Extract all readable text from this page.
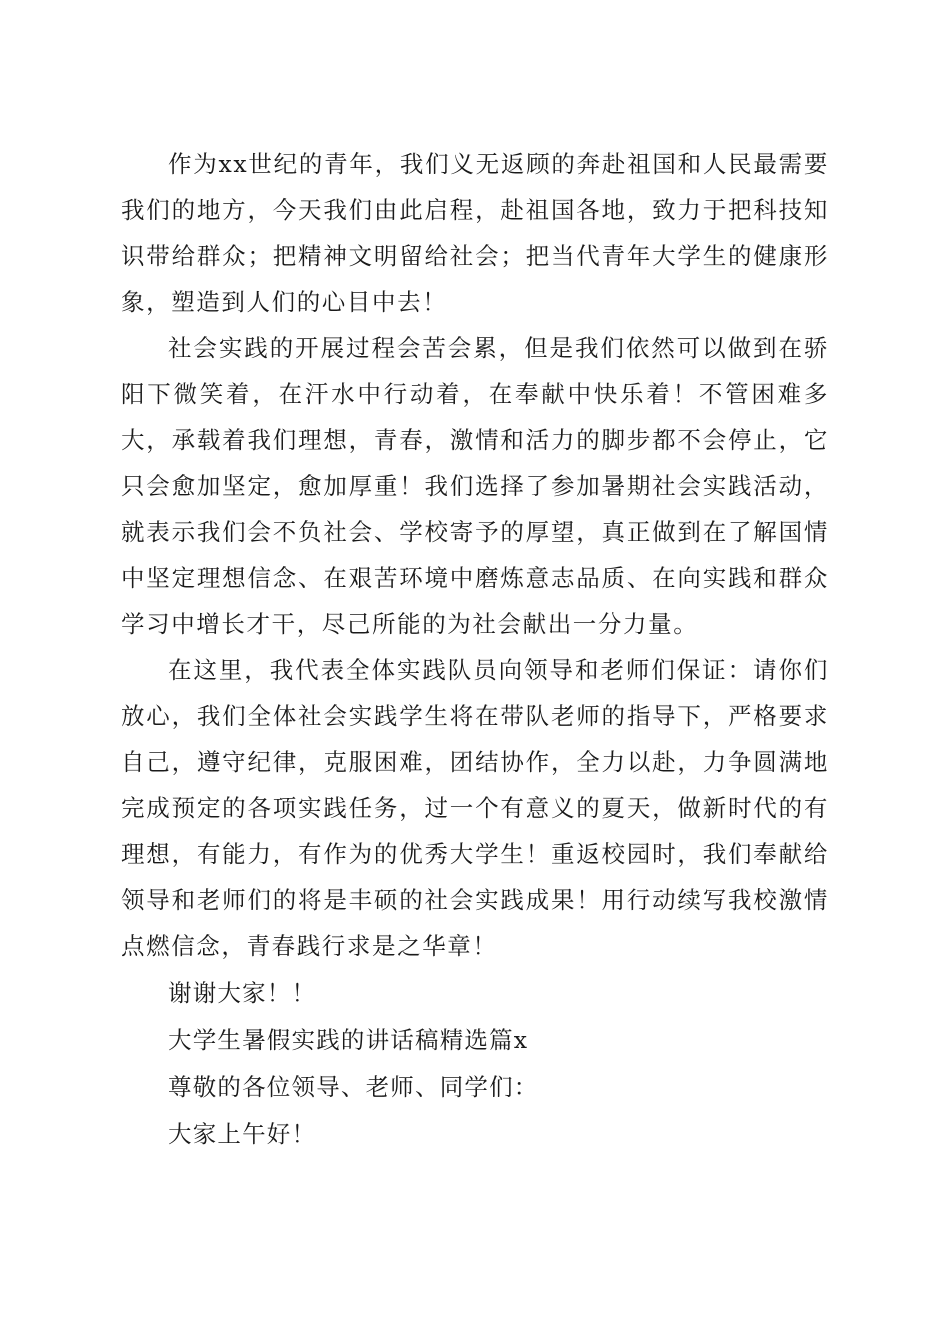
作为xx世纪的青年，我们义无返顾的奔赴祖国和人民最需要我们的地方，今天我们由此启程，赴祖国各地，致力于把科技知识带给群众；把精神文明留给社会；把当代青年大学生的健康形象，塑造到人们的心目中去！

社会实践的开展过程会苦会累，但是我们依然可以做到在骄阳下微笑着，在汗水中行动着，在奉献中快乐着！不管困难多大，承载着我们理想，青春，激情和活力的脚步都不会停止，它只会愈加坚定，愈加厚重！我们选择了参加暑期社会实践活动，就表示我们会不负社会、学校寄予的厚望，真正做到在了解国情中坚定理想信念、在艰苦环境中磨炼意志品质、在向实践和群众学习中增长才干，尽己所能的为社会献出一分力量。

在这里，我代表全体实践队员向领导和老师们保证：请你们放心，我们全体社会实践学生将在带队老师的指导下，严格要求自己，遵守纪律，克服困难，团结协作，全力以赴，力争圆满地完成预定的各项实践任务，过一个有意义的夏天，做新时代的有理想，有能力，有作为的优秀大学生！重返校园时，我们奉献给领导和老师们的将是丰硕的社会实践成果！用行动续写我校激情点燃信念，青春践行求是之华章！

谢谢大家！！

大学生暑假实践的讲话稿精选篇x

尊敬的各位领导、老师、同学们：

大家上午好！
